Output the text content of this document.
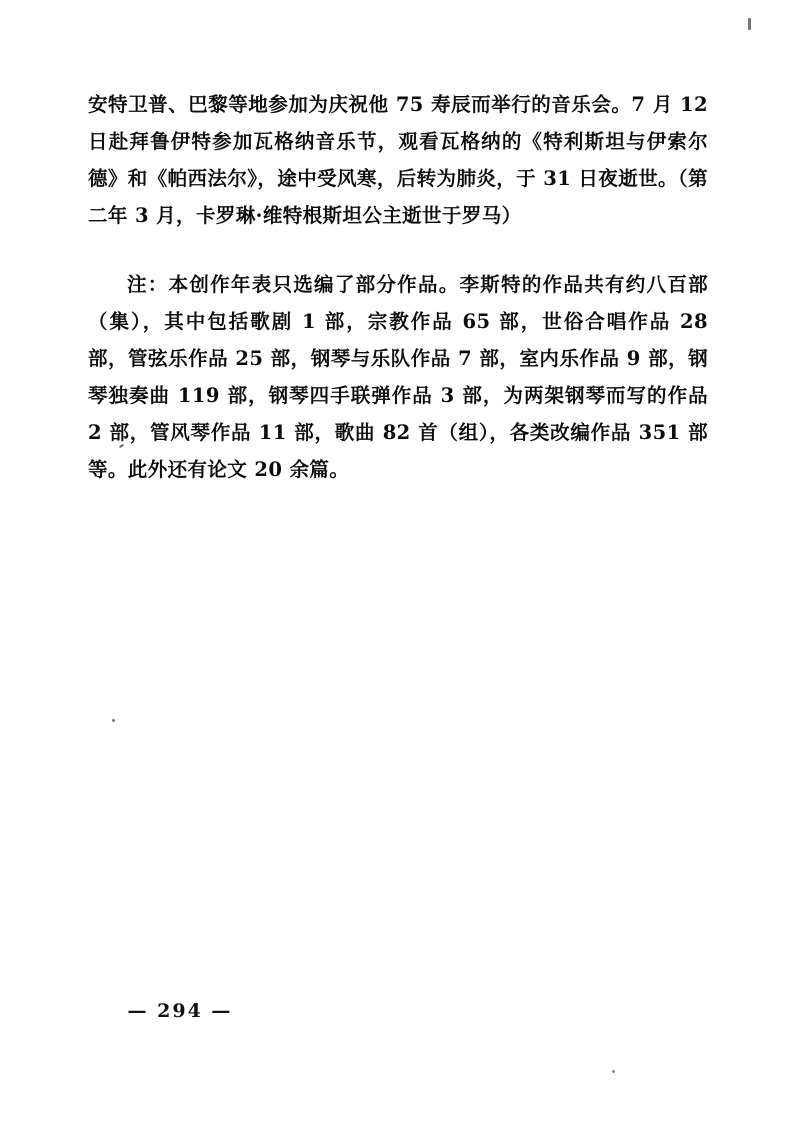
安特卫普、巴黎等地参加为庆祝他 75 寿辰而举行的音乐会。7 月 12 日赴拜鲁伊特参加瓦格纳音乐节，观看瓦格纳的《特利斯坦与伊索尔德》和《帕西法尔》，途中受风寒，后转为肺炎，于 31 日夜逝世。（第二年 3 月，卡罗琳·维特根斯坦公主逝世于罗马）

注：本创作年表只选编了部分作品。李斯特的作品共有约八百部（集），其中包括歌剧 1 部，宗教作品 65 部，世俗合唱作品 28 部，管弦乐作品 25 部，钢琴与乐队作品 7 部，室内乐作品 9 部，钢琴独奏曲 119 部，钢琴四手联弹作品 3 部，为两架钢琴而写的作品 2 部，管风琴作品 11 部，歌曲 82 首（组），各类改编作品 351 部等。此外还有论文 20 余篇。

— 294 —
